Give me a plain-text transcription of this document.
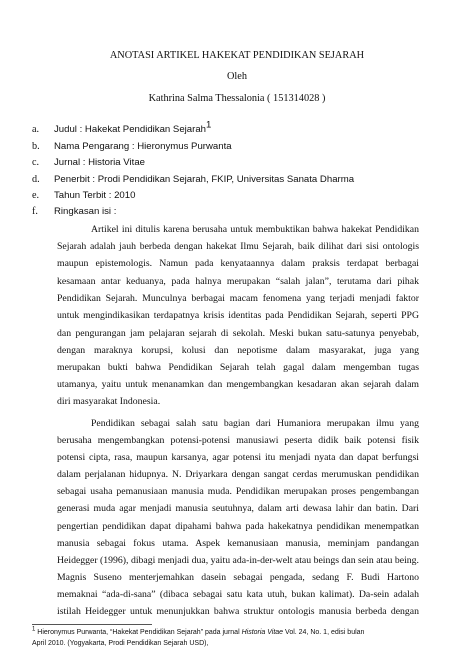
ANOTASI ARTIKEL HAKEKAT PENDIDIKAN SEJARAH
Oleh
Kathrina Salma Thessalonia ( 151314028 )
a. Judul : Hakekat Pendidikan Sejarah$^1$
b. Nama Pengarang : Hieronymus Purwanta
c. Jurnal : Historia Vitae
d. Penerbit : Prodi Pendidikan Sejarah, FKIP, Universitas Sanata Dharma
e. Tahun Terbit : 2010
f. Ringkasan isi :
Artikel ini ditulis karena berusaha untuk membuktikan bahwa hakekat Pendidikan
Sejarah adalah jauh berbeda dengan hakekat Ilmu Sejarah, baik dilihat dari sisi ontologis
maupun epistemologis. Namun pada kenyataannya dalam praksis terdapat berbagai
kesamaan antar keduanya, pada halnya merupakan “salah jalan”, terutama dari pihak
Pendidikan Sejarah. Munculnya berbagai macam fenomena yang terjadi menjadi faktor
untuk mengindikasikan terdapatnya krisis identitas pada Pendidikan Sejarah, seperti PPG
dan pengurangan jam pelajaran sejarah di sekolah. Meski bukan satu-satunya penyebab,
dengan maraknya korupsi, kolusi dan nepotisme dalam masyarakat, juga yang
merupakan bukti bahwa Pendidikan Sejarah telah gagal dalam mengemban tugas
utamanya, yaitu untuk menanamkan dan mengembangkan kesadaran akan sejarah dalam
diri masyarakat Indonesia.
Pendidikan sebagai salah satu bagian dari Humaniora merupakan ilmu yang
berusaha mengembangkan potensi-potensi manusiawi peserta didik baik potensi fisik
potensi cipta, rasa, maupun karsanya, agar potensi itu menjadi nyata dan dapat berfungsi
dalam perjalanan hidupnya. N. Driyarkara dengan sangat cerdas merumuskan pendidikan
sebagai usaha pemanusiaan manusia muda. Pendidikan merupakan proses pengembangan
generasi muda agar menjadi manusia seutuhnya, dalam arti dewasa lahir dan batin. Dari
pengertian pendidikan dapat dipahami bahwa pada hakekatnya pendidikan menempatkan
manusia sebagai fokus utama. Aspek kemanusiaan manusia, meminjam pandangan
Heidegger (1996), dibagi menjadi dua, yaitu ada-in-der-welt atau beings dan sein atau being.
Magnis Suseno menterjemahkan dasein sebagai pengada, sedang F. Budi Hartono
memaknai “ada-di-sana” (dibaca sebagai satu kata utuh, bukan kalimat). Da-sein adalah
istilah Heidegger untuk menunjukkan bahwa struktur ontologis manusia berbeda dengan
$^1$ Hieronymus Purwanta, “Hakekat Pendidikan Sejarah” pada jurnal Historia Vitae Vol. 24, No. 1, edisi bulan
April 2010. (Yogyakarta, Prodi Pendidikan Sejarah USD),
